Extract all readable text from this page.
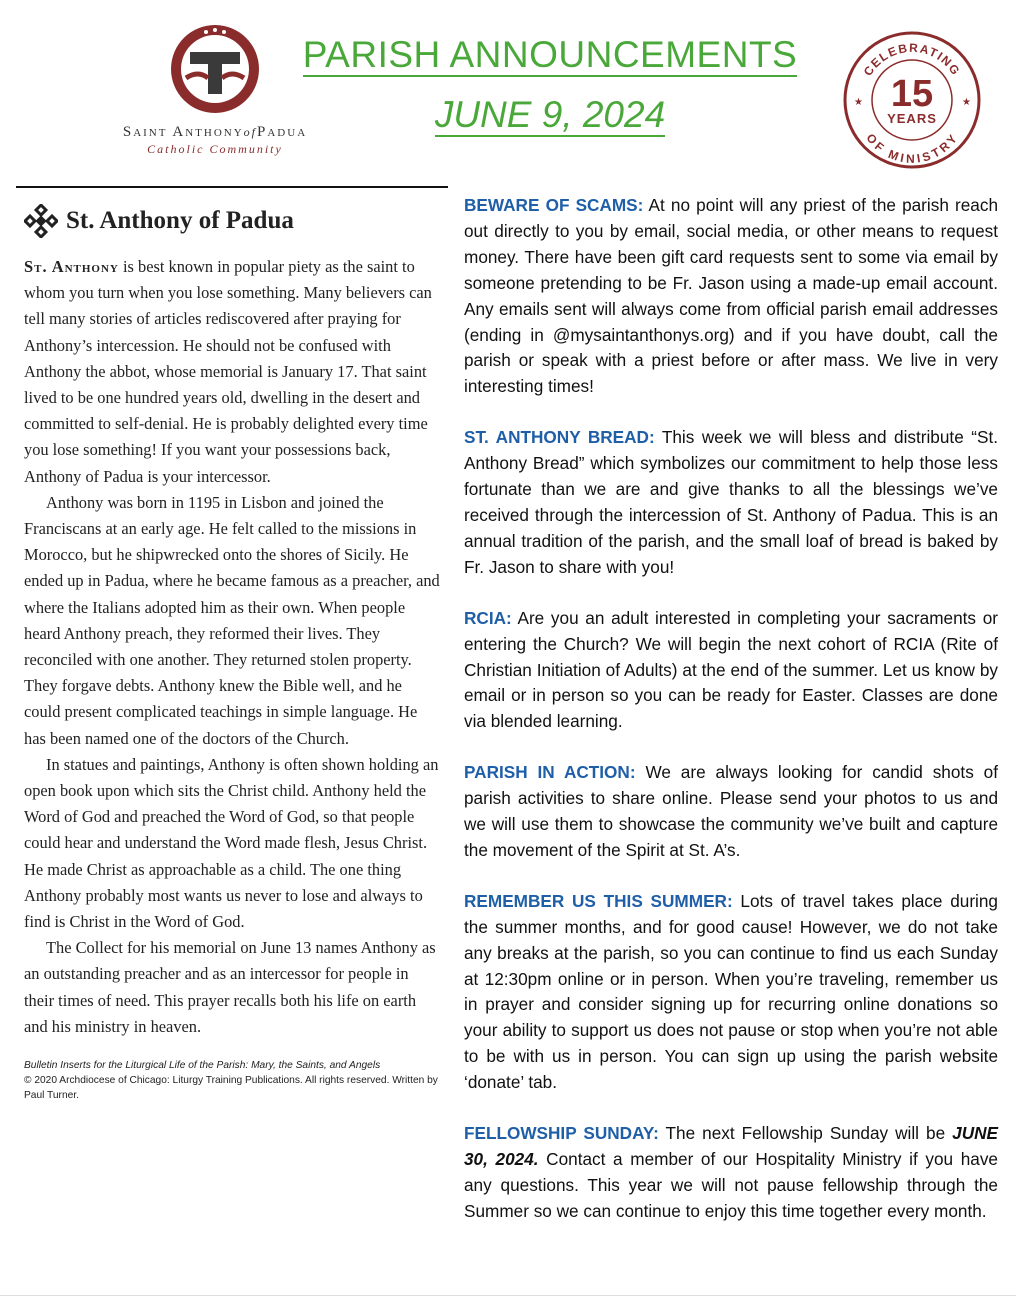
Saint AnthonyofPadua
Catholic Community
PARISH ANNOUNCEMENTS
JUNE 9, 2024
CELEBRATING
OF MINISTRY
15
YEARS
★	★
St. Anthony of Padua

St. Anthony is best known in popular piety as the saint to whom you turn when you lose something. Many believers can tell many stories of articles rediscovered after praying for Anthony’s intercession. He should not be confused with Anthony the abbot, whose memorial is January 17. That saint lived to be one hundred years old, dwelling in the desert and committed to self-denial. He is probably delighted every time you lose something! If you want your possessions back, Anthony of Padua is your intercessor.

Anthony was born in 1195 in Lisbon and joined the Franciscans at an early age. He felt called to the missions in Morocco, but he shipwrecked onto the shores of Sicily. He ended up in Padua, where he became famous as a preacher, and where the Italians adopted him as their own. When people heard Anthony preach, they reformed their lives. They reconciled with one another. They returned stolen property. They forgave debts. Anthony knew the Bible well, and he could present complicated teachings in simple language. He has been named one of the doctors of the Church.

In statues and paintings, Anthony is often shown holding an open book upon which sits the Christ child. Anthony held the Word of God and preached the Word of God, so that people could hear and understand the Word made flesh, Jesus Christ. He made Christ as approachable as a child. The one thing Anthony probably most wants us never to lose and always to find is Christ in the Word of God.

The Collect for his memorial on June 13 names Anthony as an outstanding preacher and as an intercessor for people in their times of need. This prayer recalls both his life on earth and his ministry in heaven.

Bulletin Inserts for the Liturgical Life of the Parish: Mary, the Saints, and Angels
© 2020 Archdiocese of Chicago: Liturgy Training Publications. All rights reserved. Written by Paul Turner.

BEWARE OF SCAMS: At no point will any priest of the parish reach out directly to you by email, social media, or other means to request money. There have been gift card requests sent to some via email by someone pretending to be Fr. Jason using a made-up email account. Any emails sent will always come from official parish email addresses (ending in @mysaintanthonys.org) and if you have doubt, call the parish or speak with a priest before or after mass. We live in very interesting times!

ST. ANTHONY BREAD: This week we will bless and distribute “St. Anthony Bread” which symbolizes our commitment to help those less fortunate than we are and give thanks to all the blessings we’ve received through the intercession of St. Anthony of Padua. This is an annual tradition of the parish, and the small loaf of bread is baked by Fr. Jason to share with you!

RCIA: Are you an adult interested in completing your sacraments or entering the Church? We will begin the next cohort of RCIA (Rite of Christian Initiation of Adults) at the end of the summer. Let us know by email or in person so you can be ready for Easter. Classes are done via blended learning.

PARISH IN ACTION: We are always looking for candid shots of parish activities to share online. Please send your photos to us and we will use them to showcase the community we’ve built and capture the movement of the Spirit at St. A’s.

REMEMBER US THIS SUMMER: Lots of travel takes place during the summer months, and for good cause! However, we do not take any breaks at the parish, so you can continue to find us each Sunday at 12:30pm online or in person. When you’re traveling, remember us in prayer and consider signing up for recurring online donations so your ability to support us does not pause or stop when you’re not able to be with us in person. You can sign up using the parish website ‘donate’ tab.

FELLOWSHIP SUNDAY: The next Fellowship Sunday will be JUNE 30, 2024. Contact a member of our Hospitality Ministry if you have any questions. This year we will not pause fellowship through the Summer so we can continue to enjoy this time together every month.
